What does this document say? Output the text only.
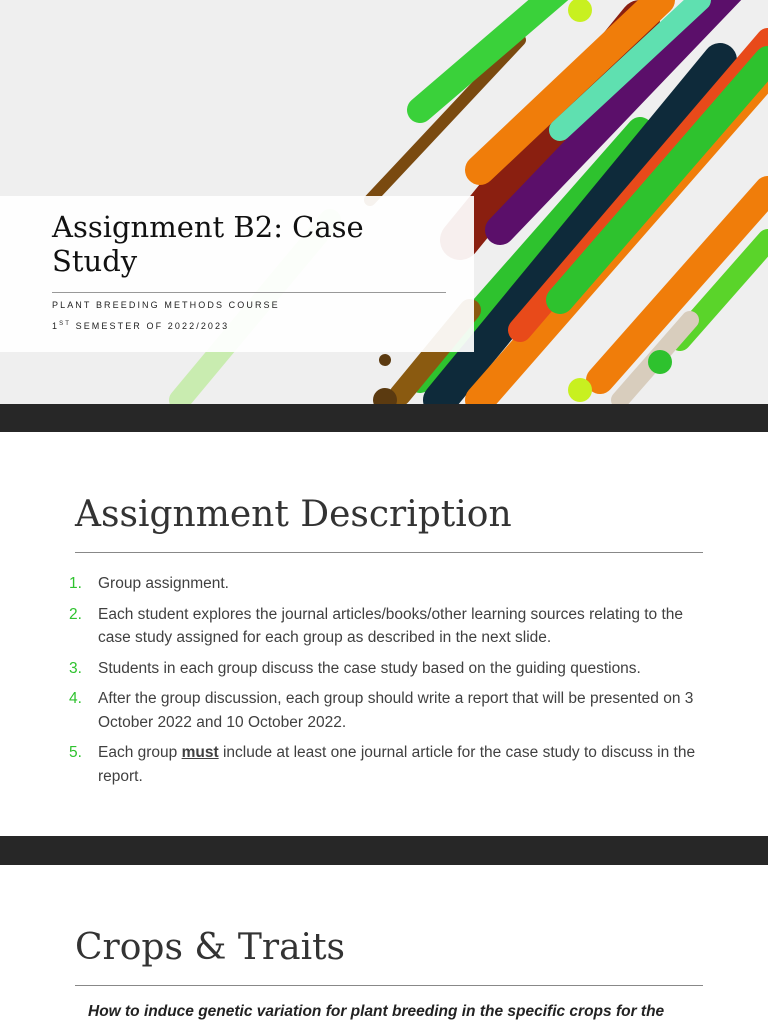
Assignment B2: Case Study
PLANT BREEDING METHODS COURSE
1ST SEMESTER OF 2022/2023
Assignment Description
1.	Group assignment.
2.	Each student explores the journal articles/books/other learning sources relating to the case study assigned for each group as described in the next slide.
3.	Students in each group discuss the case study based on the guiding questions.
4.	After the group discussion, each group should write a report that will be presented on 3 October 2022 and 10 October 2022.
5.	Each group must include at least one journal article for the case study to discuss in the report.
Crops & Traits
How to induce genetic variation for plant breeding in the specific crops for the
